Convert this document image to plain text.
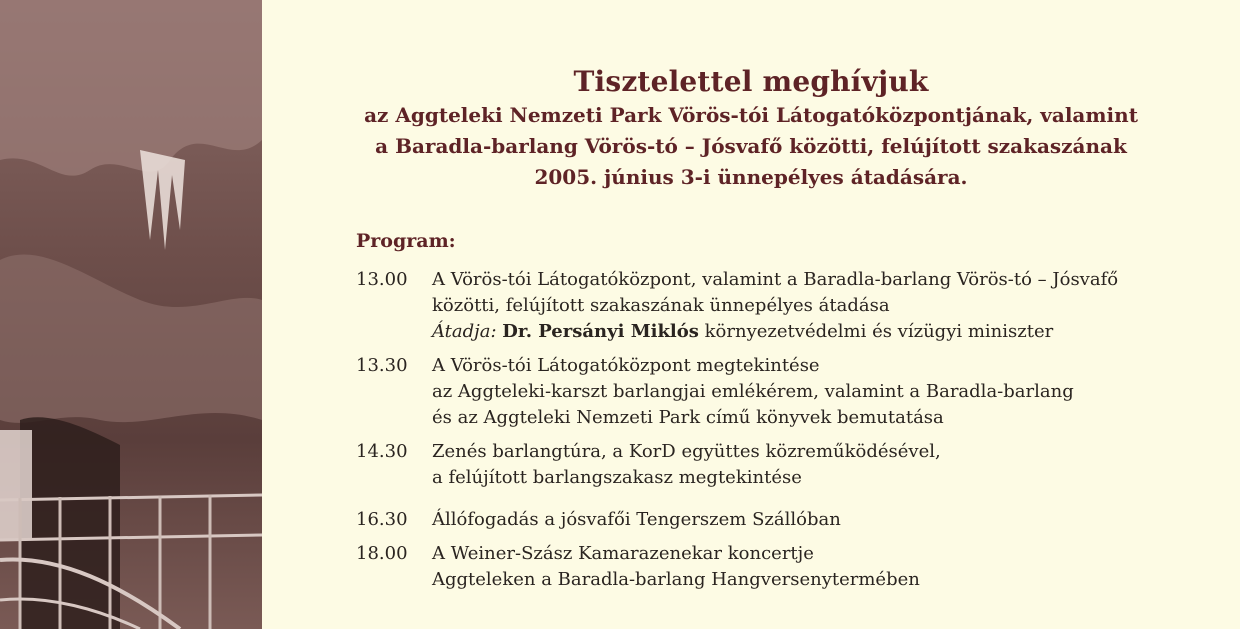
Tisztelettel meghívjuk
az Aggteleki Nemzeti Park Vörös-tói Látogatóközpontjának, valamint
a Baradla-barlang Vörös-tó – Jósvafő közötti, felújított szakaszának
2005. június 3-i ünnepélyes átadására.
Program:
13.00	A Vörös-tói Látogatóközpont, valamint a Baradla-barlang Vörös-tó – Jósvafő
közötti, felújított szakaszának ünnepélyes átadása
Átadja: Dr. Persányi Miklós környezetvédelmi és vízügyi miniszter
13.30	A Vörös-tói Látogatóközpont megtekintése
az Aggteleki-karszt barlangjai emlékérem, valamint a Baradla-barlang
és az Aggteleki Nemzeti Park című könyvek bemutatása
14.30	Zenés barlangtúra, a KorD együttes közreműködésével,
a felújított barlangszakasz megtekintése
16.30	Állófogadás a jósvafői Tengerszem Szállóban
18.00	A Weiner-Szász Kamarazenekar koncertje
Aggteleken a Baradla-barlang Hangversenytermében
